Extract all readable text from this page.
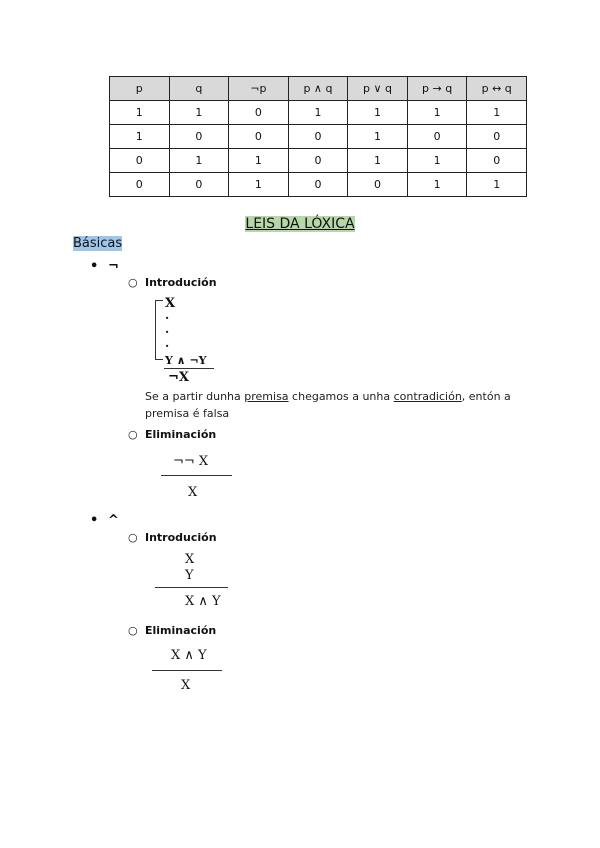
p	q	¬p	p ∧ q	p ∨ q	p → q	p ↔ q
1	1	0	1	1	1	1
1	0	0	0	1	0	0
0	1	1	0	1	1	0
0	0	1	0	0	1	1
LEIS DA LÓXICA
Básicas
• ¬
○ Introdución
X
·
·
·
Y ∧ ¬Y
¬X
Se a partir dunha premisa chegamos a unha contradición, entón a premisa é falsa
○ Eliminación
¬¬ X
X
• ^
○ Introdución
X
Y
X ∧ Y
○ Eliminación
X ∧ Y
X
